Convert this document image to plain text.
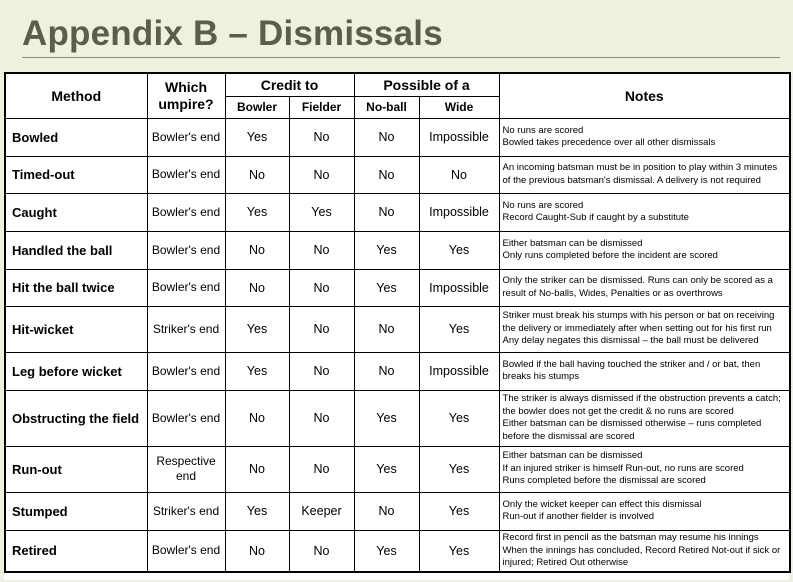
Appendix B – Dismissals
Method	Which umpire?	Credit to		Possible of a		Notes
		Bowler	Fielder	No-ball	Wide	
Bowled	Bowler's end	Yes	No	No	Impossible	No runs are scored
Bowled takes precedence over all other dismissals

Timed-out	Bowler's end	No	No	No	No	An incoming batsman must be in position to play within 3 minutes of the previous batsman's dismissal. A delivery is not required

Caught	Bowler's end	Yes	Yes	No	Impossible	No runs are scored
Record Caught-Sub if caught by a substitute

Handled the ball	Bowler's end	No	No	Yes	Yes	Either batsman can be dismissed
Only runs completed before the incident are scored

Hit the ball twice	Bowler's end	No	No	Yes	Impossible	Only the striker can be dismissed. Runs can only be scored as a result of No-balls, Wides, Penalties or as overthrows

Hit-wicket	Striker's end	Yes	No	No	Yes	Striker must break his stumps with his person or bat on receiving the delivery or immediately after when setting out for his first run
Any delay negates this dismissal – the ball must be delivered

Leg before wicket	Bowler's end	Yes	No	No	Impossible	Bowled if the ball having touched the striker and / or bat, then breaks his stumps

Obstructing the field	Bowler's end	No	No	Yes	Yes	The striker is always dismissed if the obstruction prevents a catch; the bowler does not get the credit & no runs are scored
Either batsman can be dismissed otherwise – runs completed before the dismissal are scored

Run-out	Respective end	No	No	Yes	Yes	Either batsman can be dismissed
If an injured striker is himself Run-out, no runs are scored
Runs completed before the dismissal are scored

Stumped	Striker's end	Yes	Keeper	No	Yes	Only the wicket keeper can effect this dismissal
Run-out if another fielder is involved

Retired	Bowler's end	No	No	Yes	Yes	Record first in pencil as the batsman may resume his innings
When the innings has concluded, Record Retired Not-out if sick or injured; Retired Out otherwise
